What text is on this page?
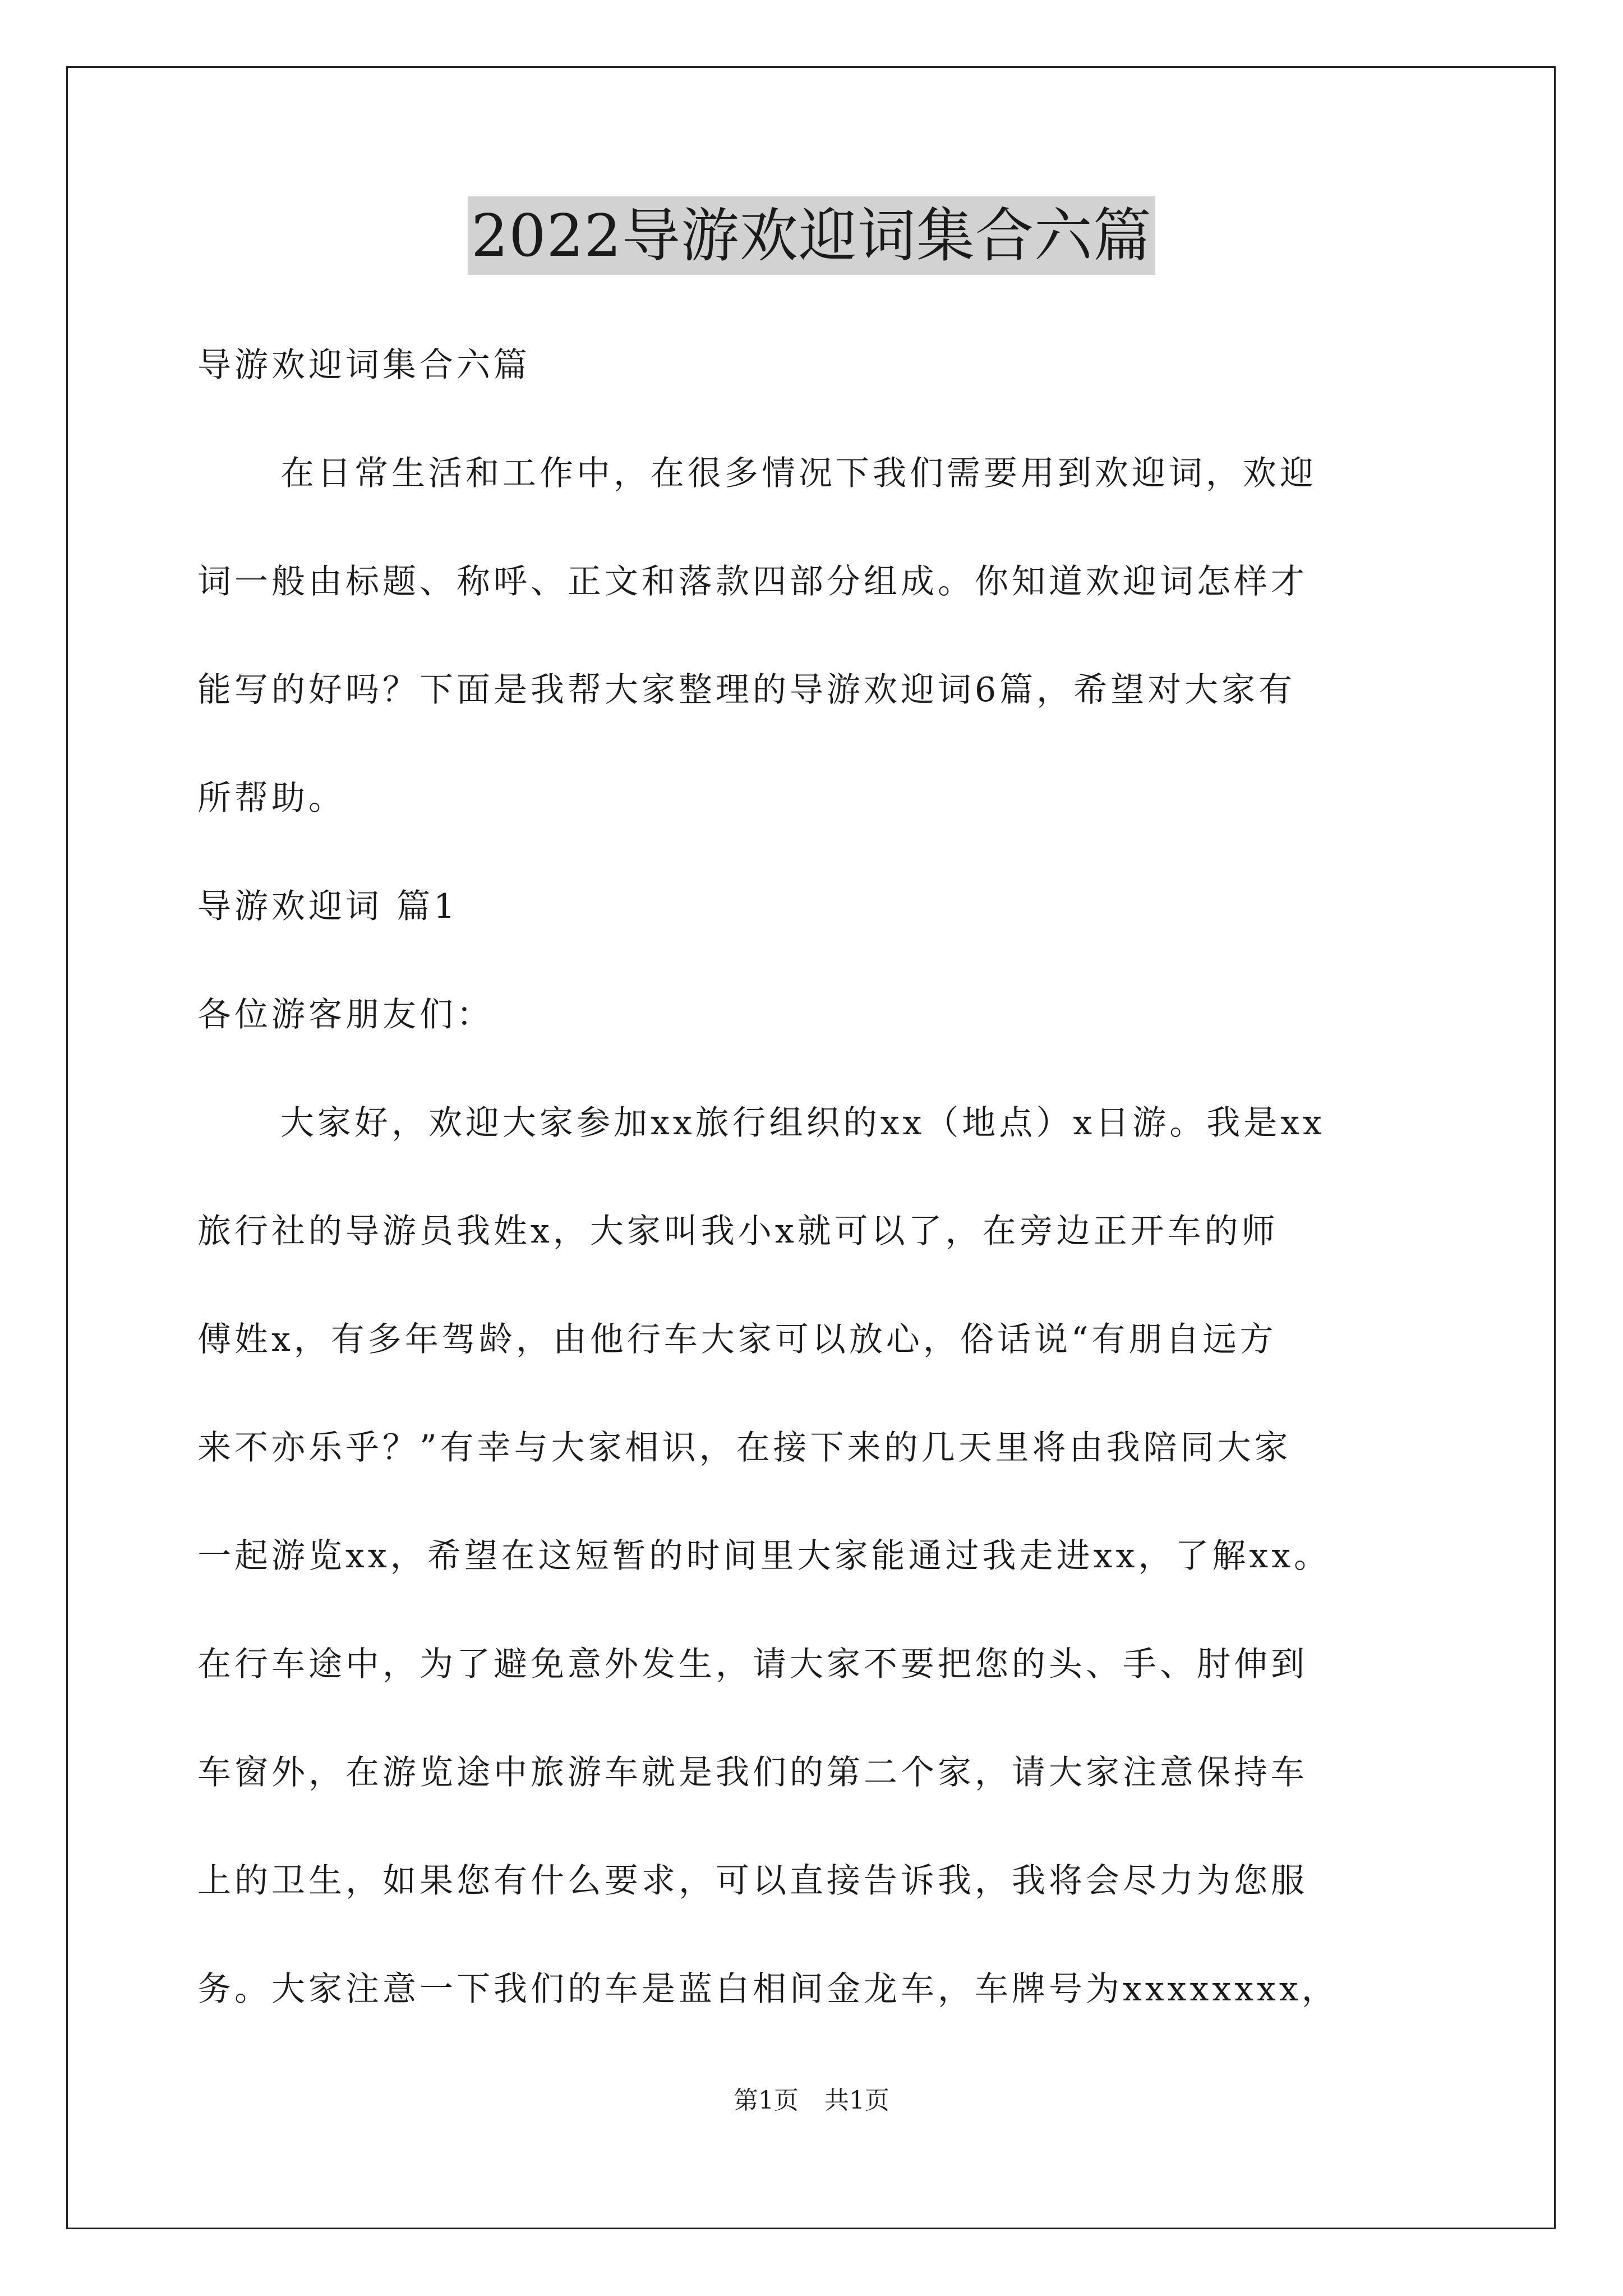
2022导游欢迎词集合六篇
导游欢迎词集合六篇
在日常生活和工作中，在很多情况下我们需要用到欢迎词，欢迎
词一般由标题、称呼、正文和落款四部分组成。你知道欢迎词怎样才
能写的好吗？下面是我帮大家整理的导游欢迎词6篇，希望对大家有
所帮助。
导游欢迎词 篇1
各位游客朋友们：
大家好，欢迎大家参加xx旅行组织的xx（地点）x日游。我是xx
旅行社的导游员我姓x，大家叫我小x就可以了，在旁边正开车的师
傅姓x，有多年驾龄，由他行车大家可以放心，俗话说“有朋自远方
来不亦乐乎？”有幸与大家相识，在接下来的几天里将由我陪同大家
一起游览xx，希望在这短暂的时间里大家能通过我走进xx，了解xx。
在行车途中，为了避免意外发生，请大家不要把您的头、手、肘伸到
车窗外，在游览途中旅游车就是我们的第二个家，请大家注意保持车
上的卫生，如果您有什么要求，可以直接告诉我，我将会尽力为您服
务。大家注意一下我们的车是蓝白相间金龙车，车牌号为xxxxxxxx，
第1页 共1页
